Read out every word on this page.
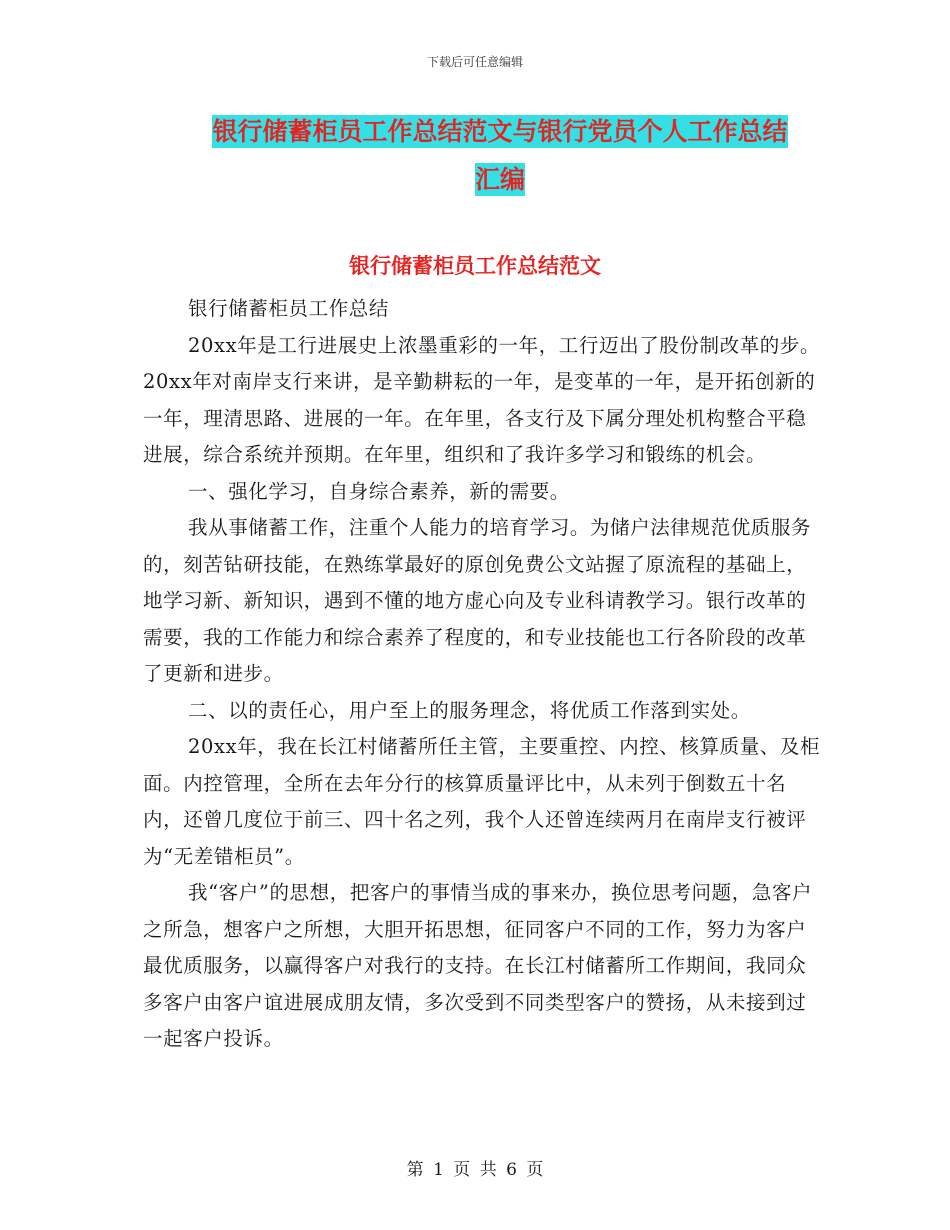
下载后可任意编辑
银行储蓄柜员工作总结范文与银行党员个人工作总结
汇编
银行储蓄柜员工作总结范文

银行储蓄柜员工作总结

20xx年是工行进展史上浓墨重彩的一年，工行迈出了股份制改革的步。20xx年对南岸支行来讲，是辛勤耕耘的一年，是变革的一年，是开拓创新的一年，理清思路、进展的一年。在年里，各支行及下属分理处机构整合平稳进展，综合系统并预期。在年里，组织和了我许多学习和锻练的机会。

一、强化学习，自身综合素养，新的需要。

我从事储蓄工作，注重个人能力的培育学习。为储户法律规范优质服务的，刻苦钻研技能，在熟练掌最好的原创免费公文站握了原流程的基础上，地学习新、新知识，遇到不懂的地方虚心向及专业科请教学习。银行改革的需要，我的工作能力和综合素养了程度的，和专业技能也工行各阶段的改革了更新和进步。

二、以的责任心，用户至上的服务理念，将优质工作落到实处。

20xx年，我在长江村储蓄所任主管，主要重控、内控、核算质量、及柜面。内控管理，全所在去年分行的核算质量评比中，从未列于倒数五十名内，还曾几度位于前三、四十名之列，我个人还曾连续两月在南岸支行被评为“无差错柜员”。

我“客户”的思想，把客户的事情当成的事来办，换位思考问题，急客户之所急，想客户之所想，大胆开拓思想，征同客户不同的工作，努力为客户最优质服务，以赢得客户对我行的支持。在长江村储蓄所工作期间，我同众多客户由客户谊进展成朋友情，多次受到不同类型客户的赞扬，从未接到过一起客户投诉。

第 1 页 共 6 页
